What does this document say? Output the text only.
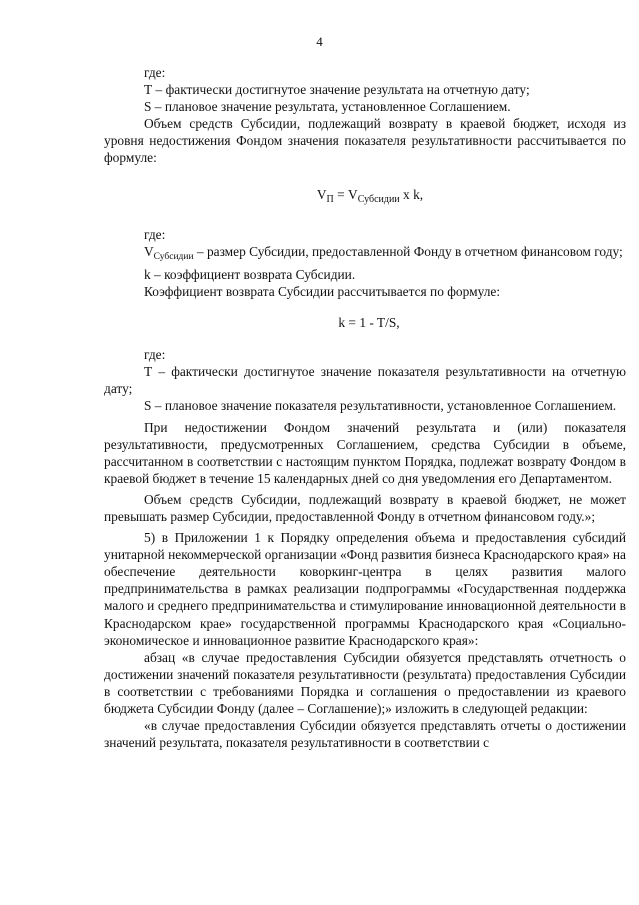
4

где:

Т – фактически достигнутое значение результата на отчетную дату;

S – плановое значение результата, установленное Соглашением.

Объем средств Субсидии, подлежащий возврату в краевой бюджет, исходя из уровня недостижения Фондом значения показателя результативности рассчитывается по формуле:

$V_П = V_{Субсидии}$ x k,

где:

$V_{Субсидии}$ – размер Субсидии, предоставленной Фонду в отчетном финансовом году;

k – коэффициент возврата Субсидии.

Коэффициент возврата Субсидии рассчитывается по формуле:

k = 1 - T/S,

где:

Т – фактически достигнутое значение показателя результативности на отчетную дату;

S – плановое значение показателя результативности, установленное Соглашением.

При недостижении Фондом значений результата и (или) показателя результативности, предусмотренных Соглашением, средства Субсидии в объеме, рассчитанном в соответствии с настоящим пунктом Порядка, подлежат возврату Фондом в краевой бюджет в течение 15 календарных дней со дня уведомления его Департаментом.

Объем средств Субсидии, подлежащий возврату в краевой бюджет, не может превышать размер Субсидии, предоставленной Фонду в отчетном финансовом году.»;

5) в Приложении 1 к Порядку определения объема и предоставления субсидий унитарной некоммерческой организации «Фонд развития бизнеса Краснодарского края» на обеспечение деятельности коворкинг-центра в целях развития малого предпринимательства в рамках реализации подпрограммы «Государственная поддержка малого и среднего предпринимательства и стимулирование инновационной деятельности в Краснодарском крае» государственной программы Краснодарского края «Социально-экономическое и инновационное развитие Краснодарского края»:

абзац «в случае предоставления Субсидии обязуется представлять отчетность о достижении значений показателя результативности (результата) предоставления Субсидии в соответствии с требованиями Порядка и соглашения о предоставлении из краевого бюджета Субсидии Фонду (далее – Соглашение);» изложить в следующей редакции:

«в случае предоставления Субсидии обязуется представлять отчеты о достижении значений результата, показателя результативности в соответствии с
